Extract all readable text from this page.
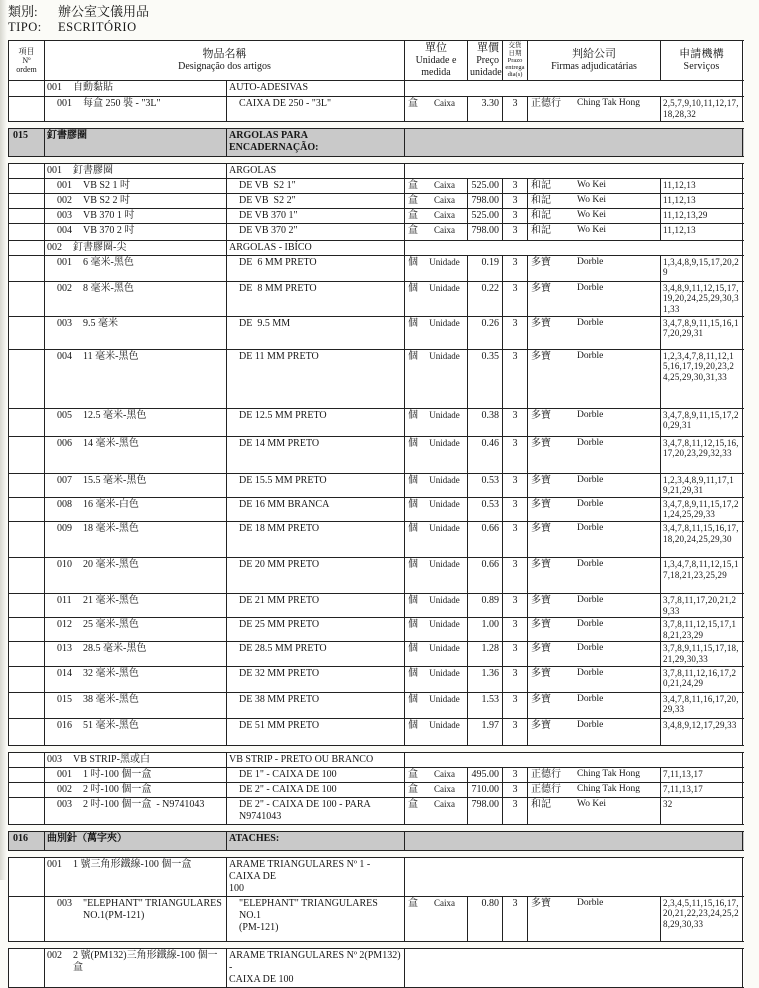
類別:	辦公室文儀用品
TIPO:	ESCRITÓRIO
項目
Nº
ordem
物品名稱
Designação dos artigos
單位
Unidade e
medida
單價
Preço
unidade
交貨
日期Prazo
entrega
dia(s)
判給公司
Firmas adjudicatárias
申請機構
Serviços
001	自動黏貼	AUTO-ADESIVAS
001	每盒 250 裝 - "3L"	CAIXA DE 250 - "3L"	盒	Caixa	3.30	3	正德行	Ching Tak Hong	2,5,7,9,10,11,12,17,18,28,32
015	釘書膠圈	ARGOLAS PARA
ENCADERNAÇÃO:
001	釘書膠圈	ARGOLAS
001	VB S2 1 吋	DE VB  S2 1"	盒	Caixa	525.00	3	和記	Wo Kei	11,12,13
002	VB S2 2 吋	DE VB  S2 2"	盒	Caixa	798.00	3	和記	Wo Kei	11,12,13
003	VB 370 1 吋	DE VB 370 1"	盒	Caixa	525.00	3	和記	Wo Kei	11,12,13,29
004	VB 370 2 吋	DE VB 370 2"	盒	Caixa	798.00	3	和記	Wo Kei	11,12,13
002	釘書膠圈-尖	ARGOLAS - IBÍCO
001	6 毫米-黑色	DE  6 MM PRETO	個	Unidade	0.19	3	多寶	Dorble	1,3,4,8,9,15,17,20,29
002	8 毫米-黑色	DE  8 MM PRETO	個	Unidade	0.22	3	多寶	Dorble	3,4,8,9,11,12,15,17,19,20,24,25,29,30,31,33
003	9.5 毫米	DE  9.5 MM	個	Unidade	0.26	3	多寶	Dorble	3,4,7,8,9,11,15,16,17,20,29,31
004	11 毫米-黑色	DE 11 MM PRETO	個	Unidade	0.35	3	多寶	Dorble	1,2,3,4,7,8,11,12,15,16,17,19,20,23,24,25,29,30,31,33
005	12.5 毫米-黑色	DE 12.5 MM PRETO	個	Unidade	0.38	3	多寶	Dorble	3,4,7,8,9,11,15,17,20,29,31
006	14 毫米-黑色	DE 14 MM PRETO	個	Unidade	0.46	3	多寶	Dorble	3,4,7,8,11,12,15,16,17,20,23,29,32,33
007	15.5 毫米-黑色	DE 15.5 MM PRETO	個	Unidade	0.53	3	多寶	Dorble	1,2,3,4,8,9,11,17,19,21,29,31
008	16 毫米-白色	DE 16 MM BRANCA	個	Unidade	0.53	3	多寶	Dorble	3,4,7,8,9,11,15,17,21,24,25,29,33
009	18 毫米-黑色	DE 18 MM PRETO	個	Unidade	0.66	3	多寶	Dorble	3,4,7,8,11,15,16,17,18,20,24,25,29,30
010	20 毫米-黑色	DE 20 MM PRETO	個	Unidade	0.66	3	多寶	Dorble	1,3,4,7,8,11,12,15,17,18,21,23,25,29
011	21 毫米-黑色	DE 21 MM PRETO	個	Unidade	0.89	3	多寶	Dorble	3,7,8,11,17,20,21,29,33
012	25 毫米-黑色	DE 25 MM PRETO	個	Unidade	1.00	3	多寶	Dorble	3,7,8,11,12,15,17,18,21,23,29
013	28.5 毫米-黑色	DE 28.5 MM PRETO	個	Unidade	1.28	3	多寶	Dorble	3,7,8,9,11,15,17,18,21,29,30,33
014	32 毫米-黑色	DE 32 MM PRETO	個	Unidade	1.36	3	多寶	Dorble	3,7,8,11,12,16,17,20,21,24,29
015	38 毫米-黑色	DE 38 MM PRETO	個	Unidade	1.53	3	多寶	Dorble	3,4,7,8,11,16,17,20,29,33
016	51 毫米-黑色	DE 51 MM PRETO	個	Unidade	1.97	3	多寶	Dorble	3,4,8,9,12,17,29,33
003	VB STRIP-黑或白	VB STRIP - PRETO OU BRANCO
001	1 吋-100 個一盒	DE 1" - CAIXA DE 100	盒	Caixa	495.00	3	正德行	Ching Tak Hong	7,11,13,17
002	2 吋-100 個一盒	DE 2" - CAIXA DE 100	盒	Caixa	710.00	3	正德行	Ching Tak Hong	7,11,13,17
003	2 吋-100 個一盒  - N9741043	DE 2" - CAIXA DE 100 - PARA
N9741043
盒	Caixa	798.00	3	和記	Wo Kei	32
016	曲別針（萬字夾）	ATACHES:
001	1 號三角形鐵線-100 個一盒	ARAME TRIANGULARES Nº 1 - CAIXA DE
100
003	"ELEPHANT" TRIANGULARES
NO.1(PM-121)
"ELEPHANT" TRIANGULARES NO.1
(PM-121)
盒	Caixa	0.80	3	多寶	Dorble	2,3,4,5,11,15,16,17,20,21,22,23,24,25,28,29,30,33
002	2 號(PM132)三角形鐵線-100 個一盒
ARAME TRIANGULARES Nº 2(PM132) -
CAIXA DE 100
